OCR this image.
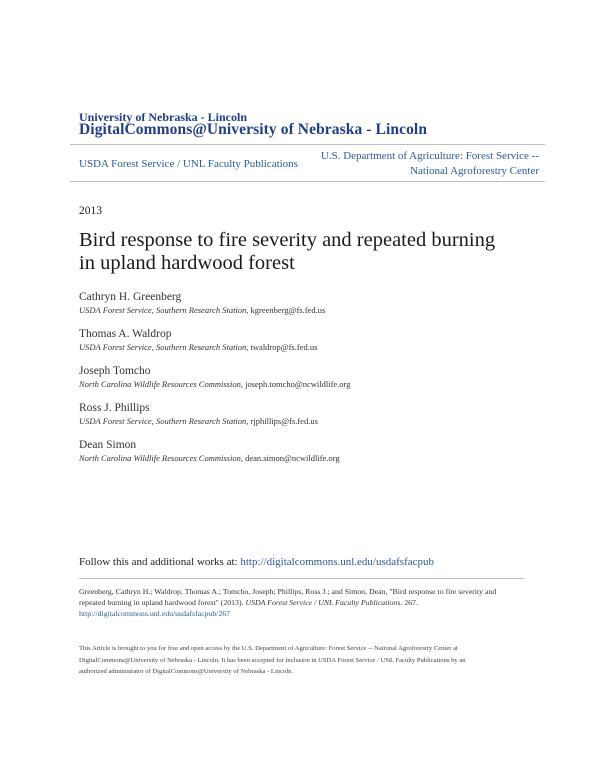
University of Nebraska - Lincoln
DigitalCommons@University of Nebraska - Lincoln
USDA Forest Service / UNL Faculty Publications
U.S. Department of Agriculture: Forest Service --
National Agroforestry Center
2013
Bird response to fire severity and repeated burning
in upland hardwood forest
Cathryn H. Greenberg
USDA Forest Service, Southern Research Station, kgreenberg@fs.fed.us
Thomas A. Waldrop
USDA Forest Service, Southern Research Station, twaldrop@fs.fed.us
Joseph Tomcho
North Carolina Wildlife Resources Commission, joseph.tomcho@ncwildlife.org
Ross J. Phillips
USDA Forest Service, Southern Research Station, rjphillips@fs.fed.us
Dean Simon
North Carolina Wildlife Resources Commission, dean.simon@ncwildlife.org
Follow this and additional works at: http://digitalcommons.unl.edu/usdafsfacpub
Greenberg, Cathryn H.; Waldrop, Thomas A.; Tomcho, Joseph; Phillips, Ross J.; and Simon, Dean, "Bird response to fire severity and
repeated burning in upland hardwood forest" (2013). USDA Forest Service / UNL Faculty Publications. 267.
http://digitalcommons.unl.edu/usdafsfacpub/267
This Article is brought to you for free and open access by the U.S. Department of Agriculture: Forest Service -- National Agroforestry Center at
DigitalCommons@University of Nebraska - Lincoln. It has been accepted for inclusion in USDA Forest Service / UNL Faculty Publications by an
authorized administrator of DigitalCommons@University of Nebraska - Lincoln.
